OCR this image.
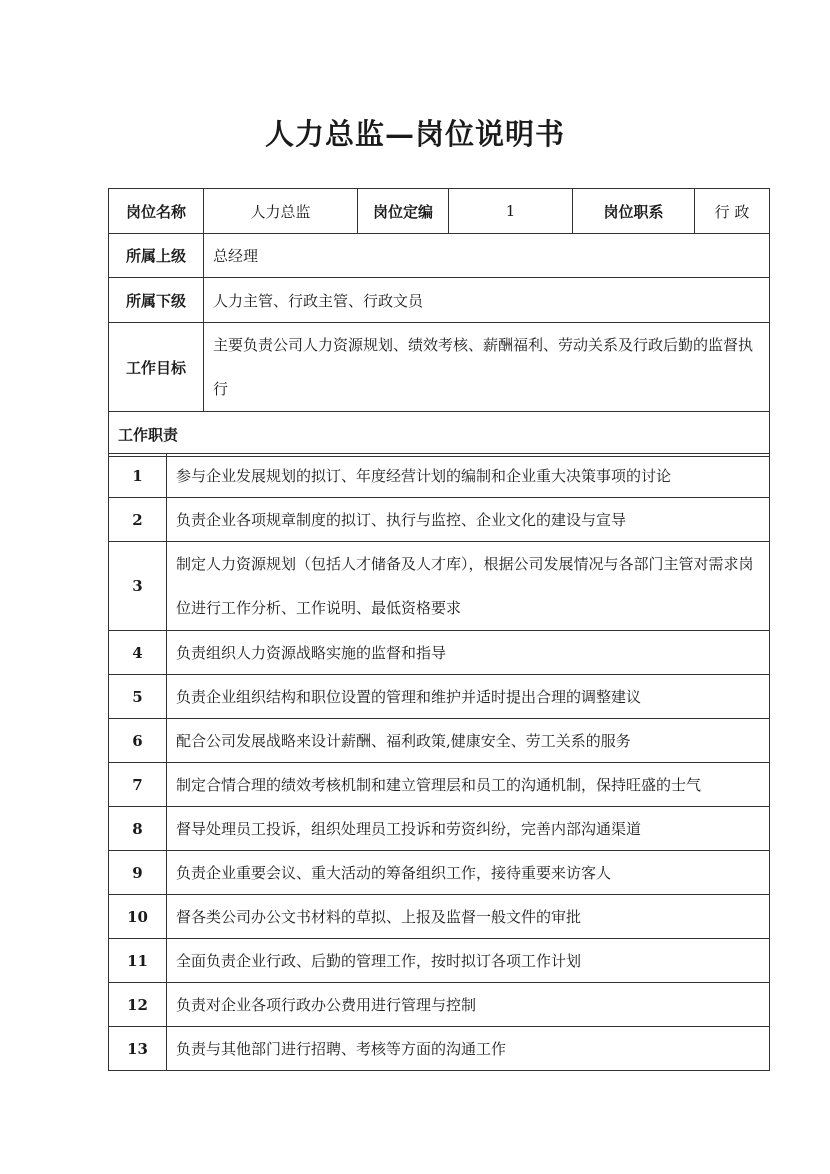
人力总监—岗位说明书
岗位名称	人力总监	岗位定编	1	岗位职系	行 政
所属上级	总经理				
所属下级	人力主管、行政主管、行政文员				
工作目标	主要负责公司人力资源规划、绩效考核、薪酬福利、劳动关系及行政后勤的监督执行				
工作职责					
1	参与企业发展规划的拟订、年度经营计划的编制和企业重大决策事项的讨论
2	负责企业各项规章制度的拟订、执行与监控、企业文化的建设与宣导
3	制定人力资源规划（包括人才储备及人才库），根据公司发展情况与各部门主管对需求岗位进行工作分析、工作说明、最低资格要求
4	负责组织人力资源战略实施的监督和指导
5	负责企业组织结构和职位设置的管理和维护并适时提出合理的调整建议
6	配合公司发展战略来设计薪酬、福利政策,健康安全、劳工关系的服务
7	制定合情合理的绩效考核机制和建立管理层和员工的沟通机制，保持旺盛的士气
8	督导处理员工投诉，组织处理员工投诉和劳资纠纷，完善内部沟通渠道
9	负责企业重要会议、重大活动的筹备组织工作，接待重要来访客人
10	督各类公司办公文书材料的草拟、上报及监督一般文件的审批
11	全面负责企业行政、后勤的管理工作，按时拟订各项工作计划
12	负责对企业各项行政办公费用进行管理与控制
13	负责与其他部门进行招聘、考核等方面的沟通工作
